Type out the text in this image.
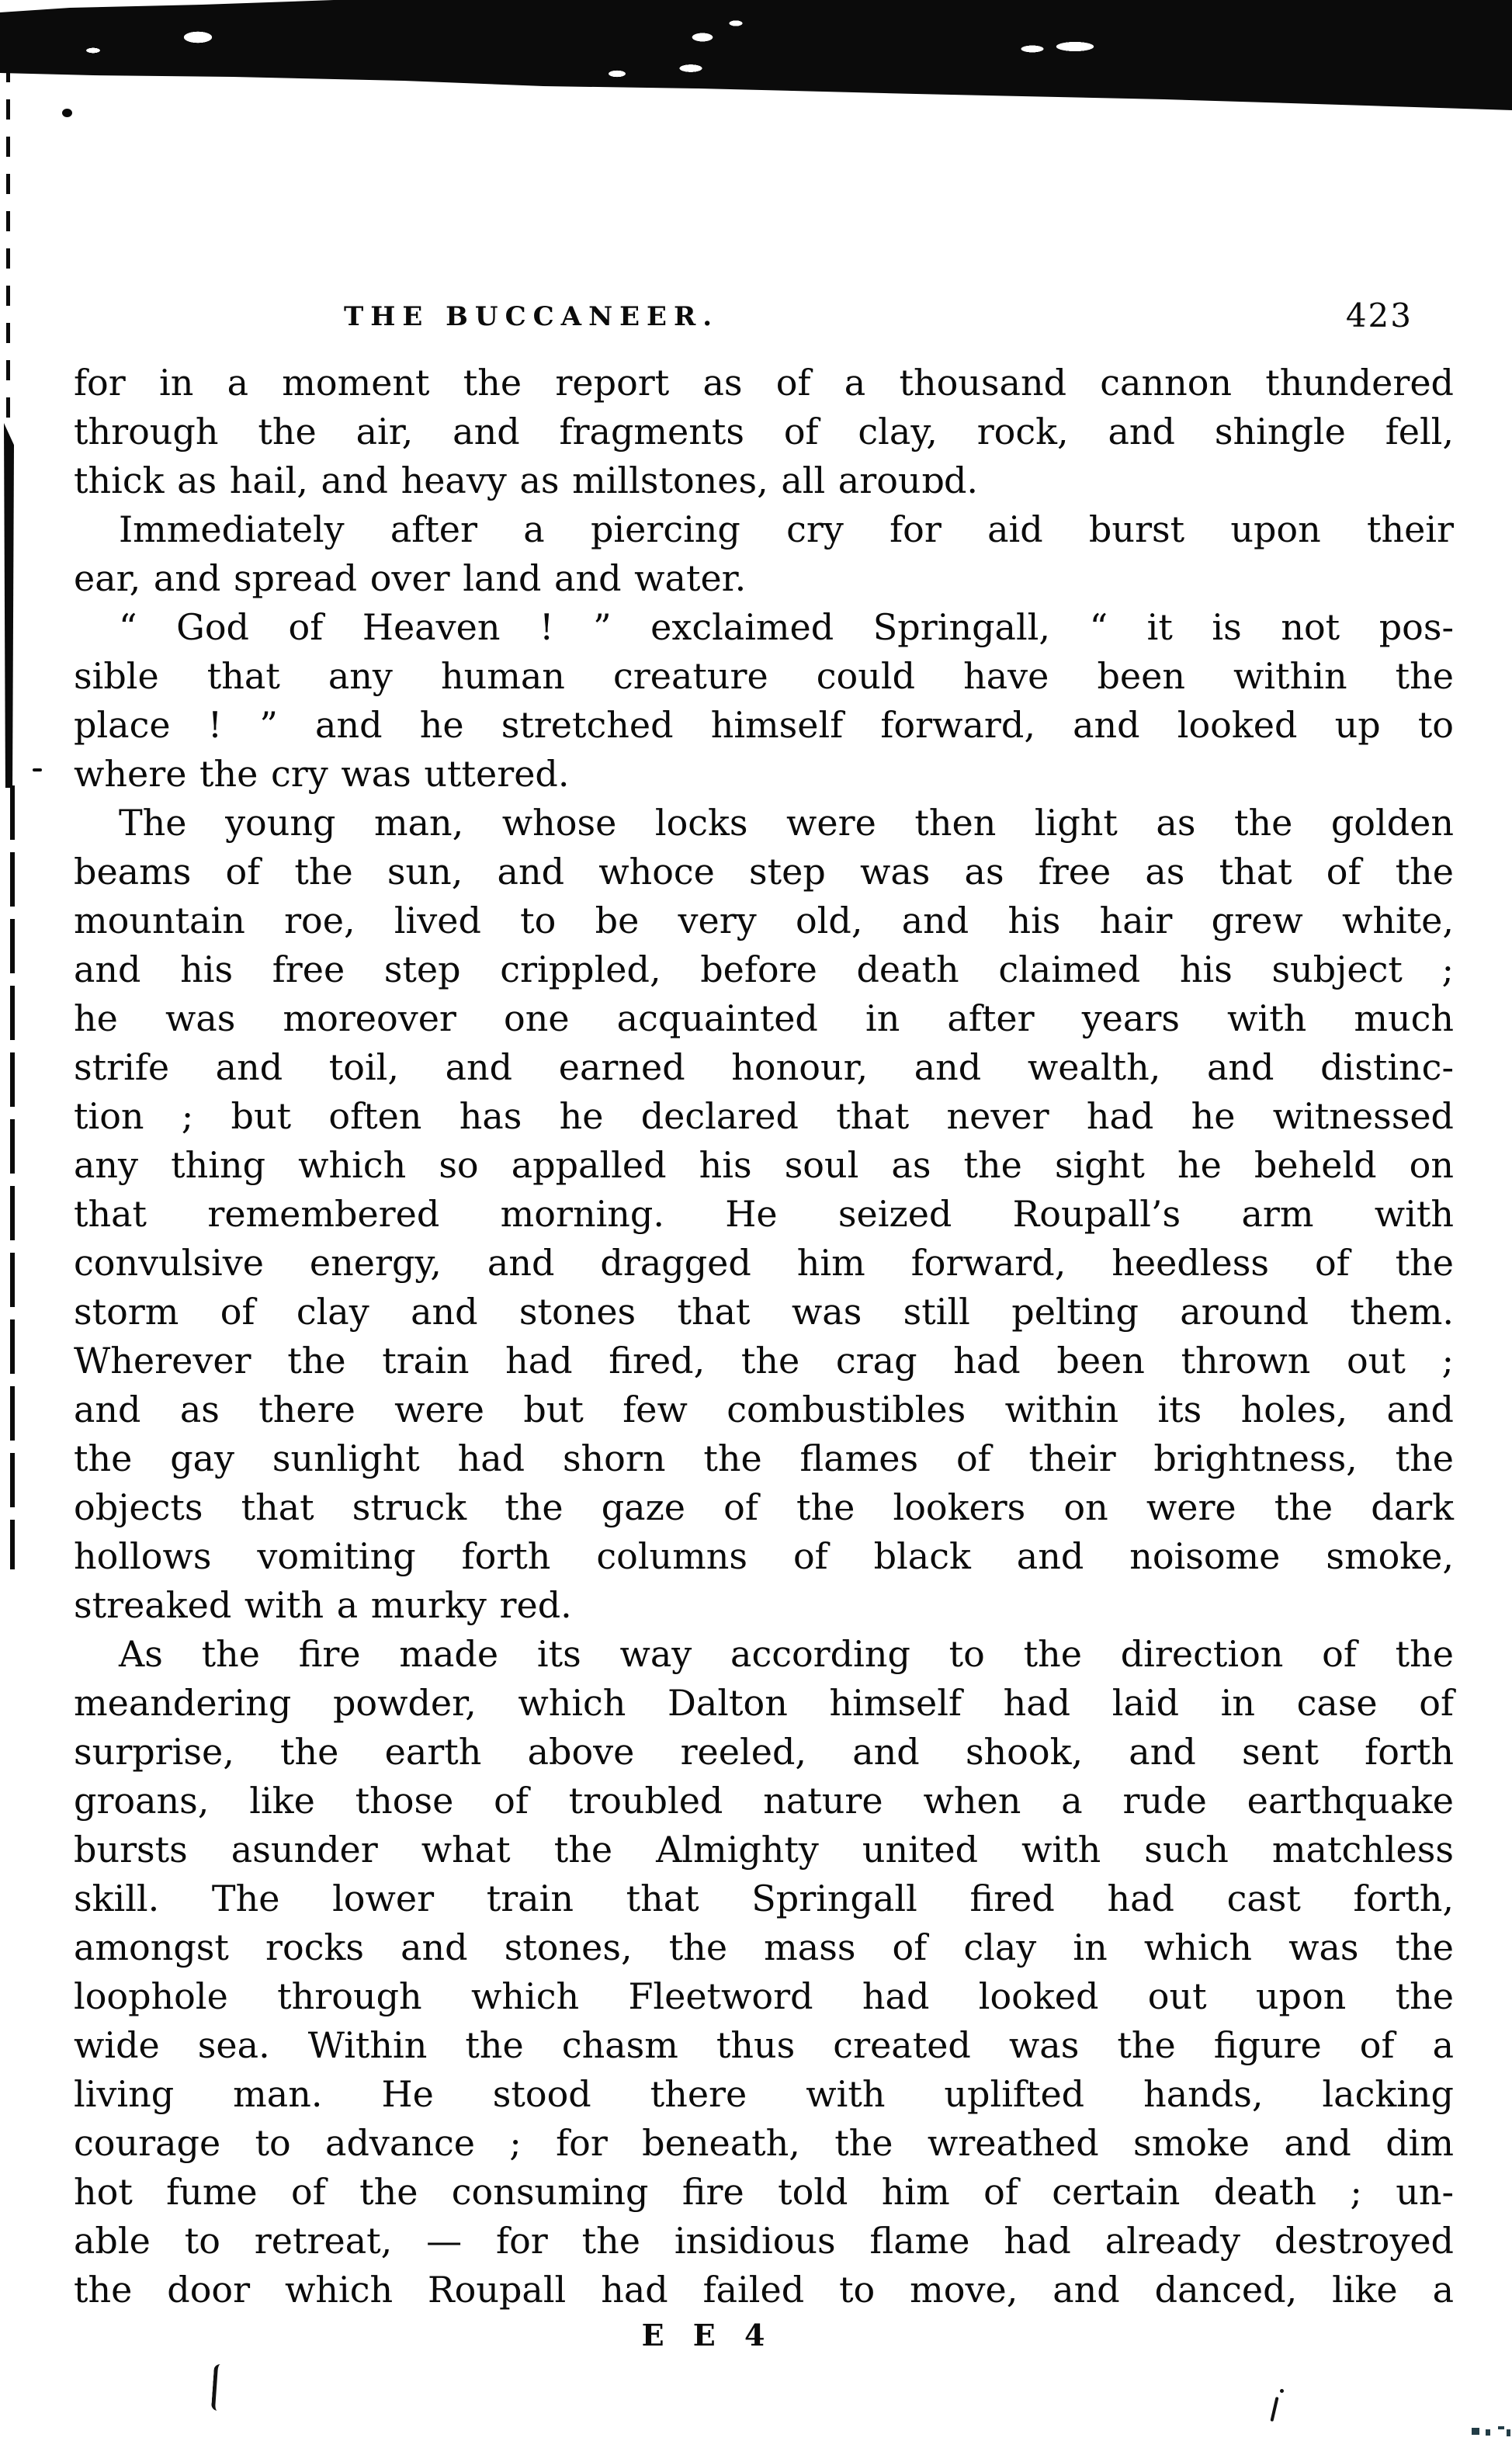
THE BUCCANEER.	423
for in a moment the report as of a thousand cannon thundered
through the air, and fragments of clay, rock, and shingle fell,
thick as hail, and heavy as millstones, all arouɒd.
Immediately after a piercing cry for aid burst upon their
ear, and spread over land and water.
“ God of Heaven ! ” exclaimed Springall, “ it is not pos-
sible that any human creature could have been within the
place ! ” and he stretched himself forward, and looked up to
where the cry was uttered.
The young man, whose locks were then light as the golden
beams of the sun, and whoce step was as free as that of the
mountain roe, lived to be very old, and his hair grew white,
and his free step crippled, before death claimed his subject ;
he was moreover one acquainted in after years with much
strife and toil, and earned honour, and wealth, and distinc-
tion ; but often has he declared that never had he witnessed
any thing which so appalled his soul as the sight he beheld on
that remembered morning. He seized Roupall’s arm with
convulsive energy, and dragged him forward, heedless of the
storm of clay and stones that was still pelting around them.
Wherever the train had fired, the crag had been thrown out ;
and as there were but few combustibles within its holes, and
the gay sunlight had shorn the flames of their brightness, the
objects that struck the gaze of the lookers on were the dark
hollows vomiting forth columns of black and noisome smoke,
streaked with a murky red.
As the fire made its way according to the direction of the
meandering powder, which Dalton himself had laid in case of
surprise, the earth above reeled, and shook, and sent forth
groans, like those of troubled nature when a rude earthquake
bursts asunder what the Almighty united with such matchless
skill. The lower train that Springall fired had cast forth,
amongst rocks and stones, the mass of clay in which was the
loophole through which Fleetword had looked out upon the
wide sea. Within the chasm thus created was the figure of a
living man. He stood there with uplifted hands, lacking
courage to advance ; for beneath, the wreathed smoke and dim
hot fume of the consuming fire told him of certain death ; un-
able to retreat, — for the insidious flame had already destroyed
the door which Roupall had failed to move, and danced, like a
E E 4
